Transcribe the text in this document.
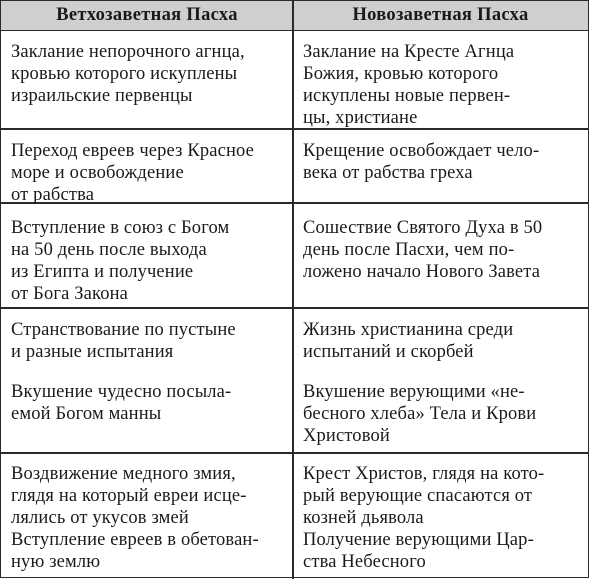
Ветхозаветная Пасха	Новозаветная Пасха
Заклание непорочного агнца,
кровью которого искуплены
израильские первенцы
Заклание на Кресте Агнца
Божия, кровью которого
искуплены новые первен-
цы, христиане
Переход евреев через Красное
море и освобождение
от рабства
Крещение освобождает чело-
века от рабства греха
Вступление в союз с Богом
на 50 день после выхода
из Египта и получение
от Бога Закона
Сошествие Святого Духа в 50
день после Пасхи, чем по-
ложено начало Нового Завета
Странствование по пустыне
и разные испытания
Вкушение чудесно посыла-
емой Богом манны
Жизнь христианина среди
испытаний и скорбей
Вкушение верующими «не-
бесного хлеба» Тела и Крови
Христовой
Воздвижение медного змия,
глядя на который евреи исце-
лялись от укусов змей
Вступление евреев в обетован-
ную землю
Крест Христов, глядя на кото-
рый верующие спасаются от
козней дьявола
Получение верующими Цар-
ства Небесного
